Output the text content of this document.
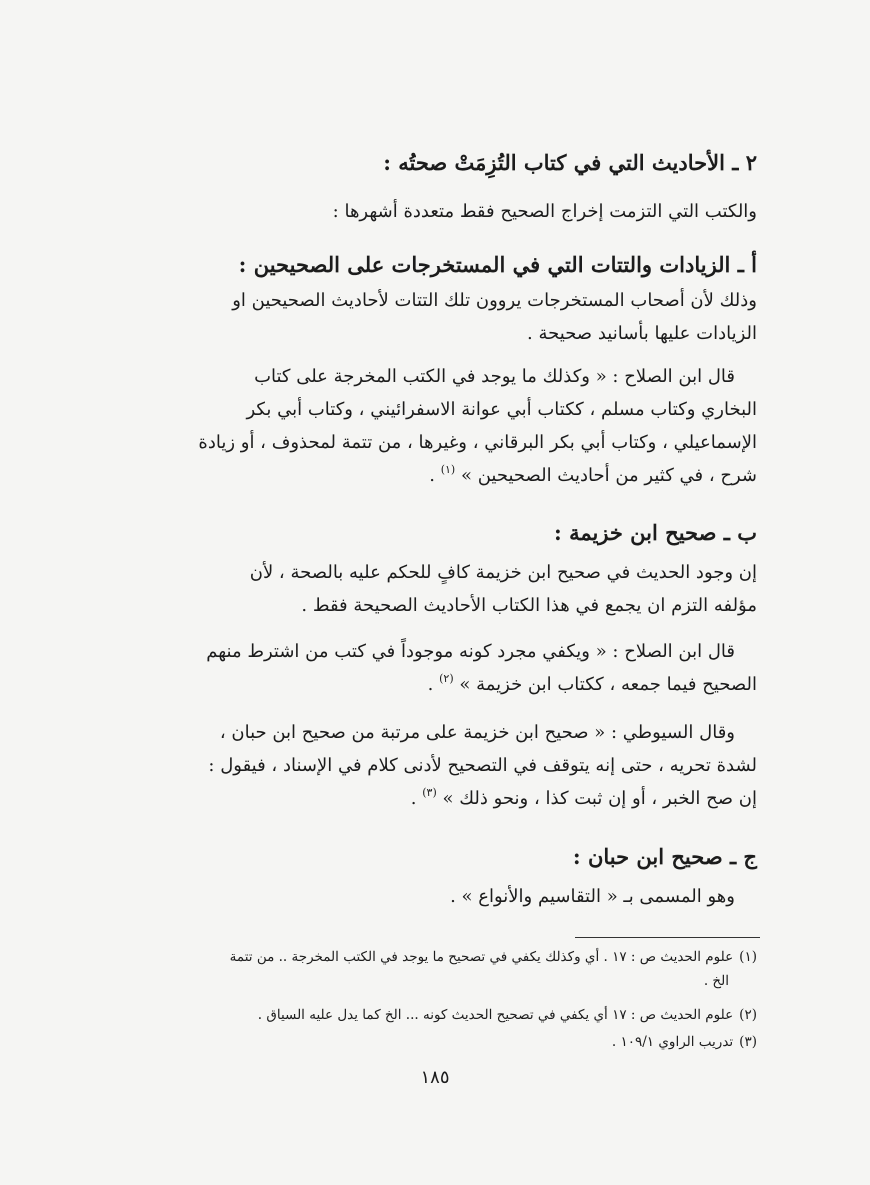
٢ ـ الأحاديث التي في كتاب التُزِمَتْ صحتُه :
والكتب التي التزمت إخراج الصحيح فقط متعددة أشهرها :
أ ـ الزيادات والتتات التي في المستخرجات على الصحيحين :
وذلك لأن أصحاب المستخرجات يروون تلك التتات لأحاديث الصحيحين او
الزيادات عليها بأسانيد صحيحة .
قال ابن الصلاح : « وكذلك ما يوجد في الكتب المخرجة على كتاب
البخاري وكتاب مسلم ، ككتاب أبي عوانة الاسفرائيني ، وكتاب أبي بكر
الإسماعيلي ، وكتاب أبي بكر البرقاني ، وغيرها ، من تتمة لمحذوف ، أو زيادة
شرح ، في كثير من أحاديث الصحيحين » $^{(١)}$ .
ب ـ صحيح ابن خزيمة :
إن وجود الحديث في صحيح ابن خزيمة كافٍ للحكم عليه بالصحة ، لأن
مؤلفه التزم ان يجمع في هذا الكتاب الأحاديث الصحيحة فقط .
قال ابن الصلاح : « ويكفي مجرد كونه موجوداً في كتب من اشترط منهم
الصحيح فيما جمعه ، ككتاب ابن خزيمة » $^{(٢)}$ .
وقال السيوطي : « صحيح ابن خزيمة على مرتبة من صحيح ابن حبان ،
لشدة تحريه ، حتى إنه يتوقف في التصحيح لأدنى كلام في الإسناد ، فيقول :
إن صح الخبر ، أو إن ثبت كذا ، ونحو ذلك » $^{(٣)}$ .
ج ـ صحيح ابن حبان :
وهو المسمى بـ « التقاسيم والأنواع » .
(١)علوم الحديث ص : ١٧ . أي وكذلك يكفي في تصحيح ما يوجد في الكتب المخرجة .. من تتمة
الخ .
(٢)علوم الحديث ص : ١٧ أي يكفي في تصحيح الحديث كونه ... الخ كما يدل عليه السياق .
(٣)تدريب الراوي ١٠٩/١ .
١٨٥
